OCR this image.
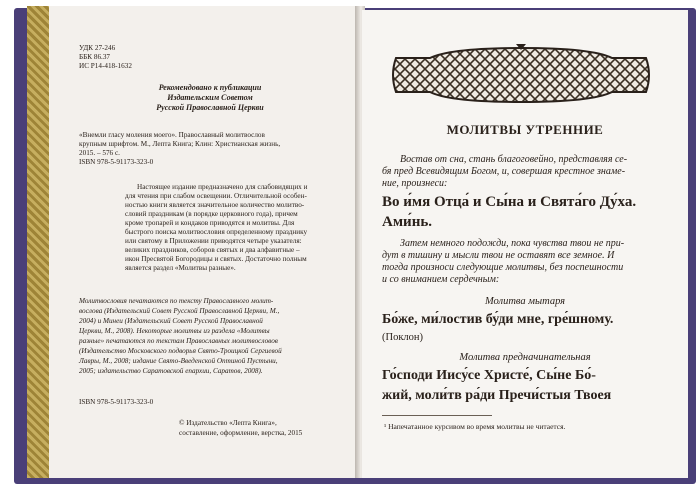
УДК 27-246
ББК 86.37
ИС Р14-418-1632
Рекомендовано к публикации
Издательским Советом
Русской Православной Церкви
«Внемли гласу моления моего». Православный молитвослов
крупным шрифтом. М., Лепта Книга; Клин: Христианская жизнь,
2015. – 576 с.
ISBN 978-5-91173-323-0
Настоящее издание предназначено для слабовидящих и
для чтения при слабом освещении. Отличительной особен-
ностью книги является значительное количество молитво-
словий праздникам (в порядке церковного года), причем
кроме тропарей и кондаков приводятся и молитвы. Для
быстрого поиска молитвословия определенному празднику
или святому в Приложении приводятся четыре указателя:
великих праздников, соборов святых и два алфавитные –
икон Пресвятой Богородицы и святых. Достаточно полным
является раздел «Молитвы разные».
Молитвословия печатаются по тексту Православного молит-
вослова (Издательский Совет Русской Православной Церкви, М.,
2004) и Минеи (Издательский Совет Русской Православной
Церкви, М., 2008). Некоторые молитвы из раздела «Молитвы
разные» печатаются по текстам Православных молитвословов
(Издательство Московского подворья Свято-Троицкой Сергиевой
Лавры, М., 2008; издание Свято-Введенской Оптиной Пустыни,
2005; издательство Саратовской епархии, Саратов, 2008).
ISBN 978-5-91173-323-0
© Издательство «Лепта Книга»,
составление, оформление, верстка, 2015
МОЛИТВЫ УТРЕННИЕ
Востав от сна, стань благоговейно, представляя се-
бя пред Всевидящим Богом, и, совершая крестное знаме-
ние, произнеси:
Во и́мя Отца́ и Сы́на и Свята́го Ду́ха.
Ами́нь.
Затем немного подожди, пока чувства твои не при-
дут в тишину и мысли твои не оставят все земное. И
тогда произноси следующие молитвы, без поспешности
и со вниманием сердечным:
Молитва мытаря
Бо́же, ми́лостив бу́ди мне, гре́шному.
(Поклон)
Молитва предначинательная
Го́споди Иису́се Христе́, Сы́не Бо́-
жий, моли́тв ра́ди Пречи́стыя Твоея
¹ Напечатанное курсивом во время молитвы не читается.
